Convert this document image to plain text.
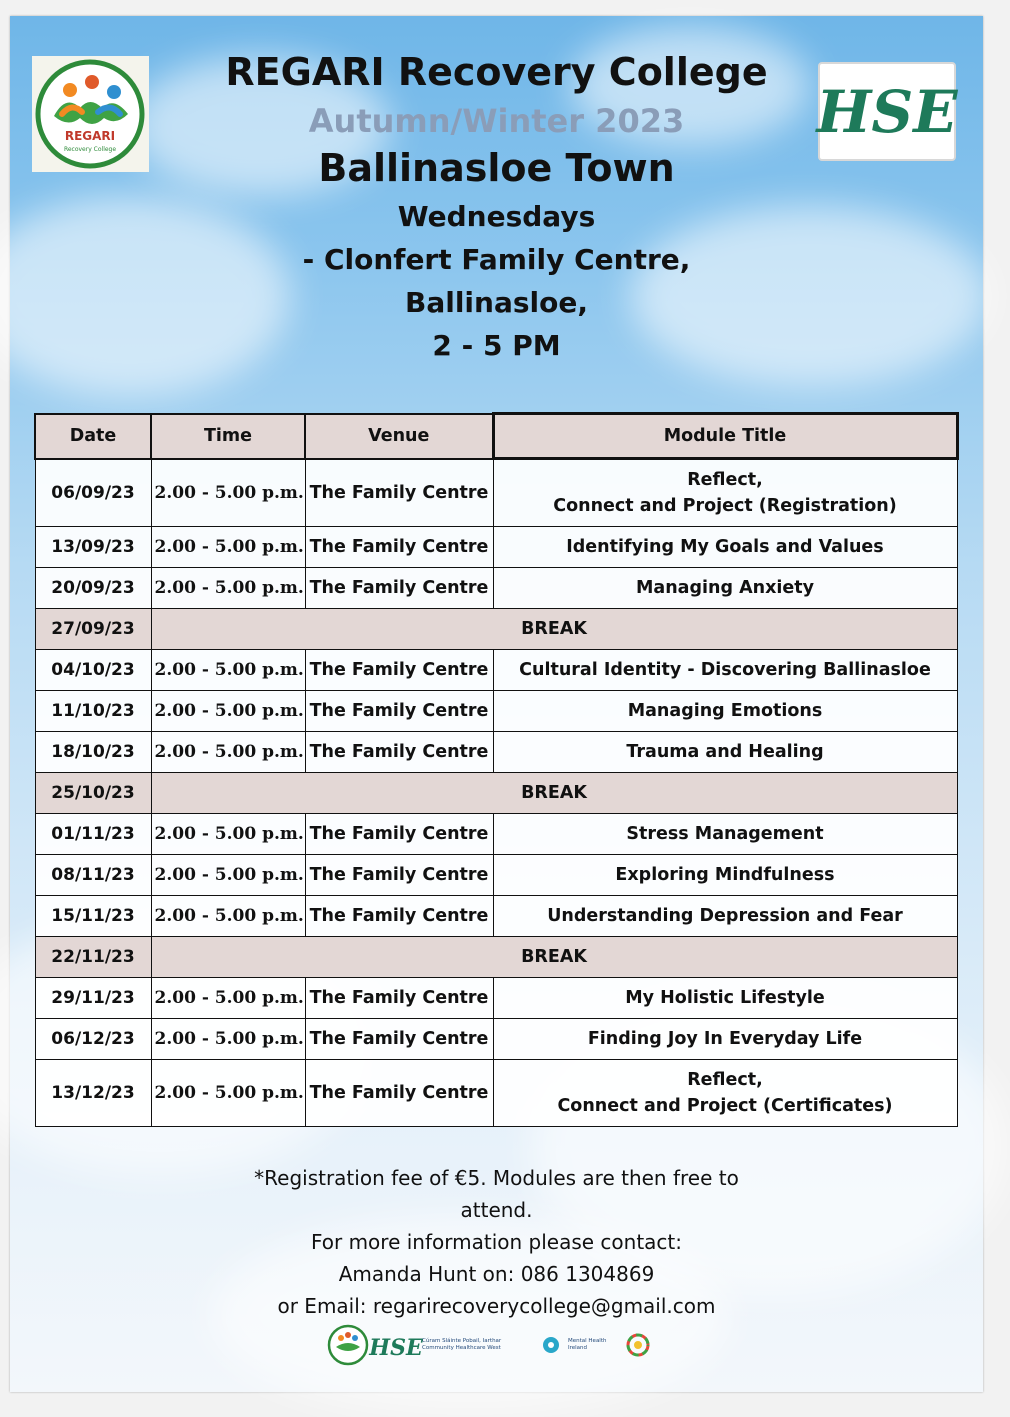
REGARI
Recovery College
HSE
REGARI Recovery College
Autumn/Winter 2023
Ballinasloe Town
Wednesdays
- Clonfert Family Centre,
Ballinasloe,
2 - 5 PM
Date	Time	Venue	Module Title
06/09/23	2.00 - 5.00 p.m.	The Family Centre	Reflect,
Connect and Project (Registration)
13/09/23	2.00 - 5.00 p.m.	The Family Centre	Identifying My Goals and Values
20/09/23	2.00 - 5.00 p.m.	The Family Centre	Managing Anxiety
27/09/23	BREAK		
04/10/23	2.00 - 5.00 p.m.	The Family Centre	Cultural Identity - Discovering Ballinasloe
11/10/23	2.00 - 5.00 p.m.	The Family Centre	Managing Emotions
18/10/23	2.00 - 5.00 p.m.	The Family Centre	Trauma and Healing
25/10/23	BREAK		
01/11/23	2.00 - 5.00 p.m.	The Family Centre	Stress Management
08/11/23	2.00 - 5.00 p.m.	The Family Centre	Exploring Mindfulness
15/11/23	2.00 - 5.00 p.m.	The Family Centre	Understanding Depression and Fear
22/11/23	BREAK		
29/11/23	2.00 - 5.00 p.m.	The Family Centre	My Holistic Lifestyle
06/12/23	2.00 - 5.00 p.m.	The Family Centre	Finding Joy In Everyday Life
13/12/23	2.00 - 5.00 p.m.	The Family Centre	Reflect,
Connect and Project (Certificates)
*Registration fee of €5. Modules are then free to
attend.
For more information please contact:
Amanda Hunt on: 086 1304869
or Email: regarirecoverycollege@gmail.com
HSE Cúram Sláinte Pobail, Iarthar Community Healthcare West
Mental Health Ireland
